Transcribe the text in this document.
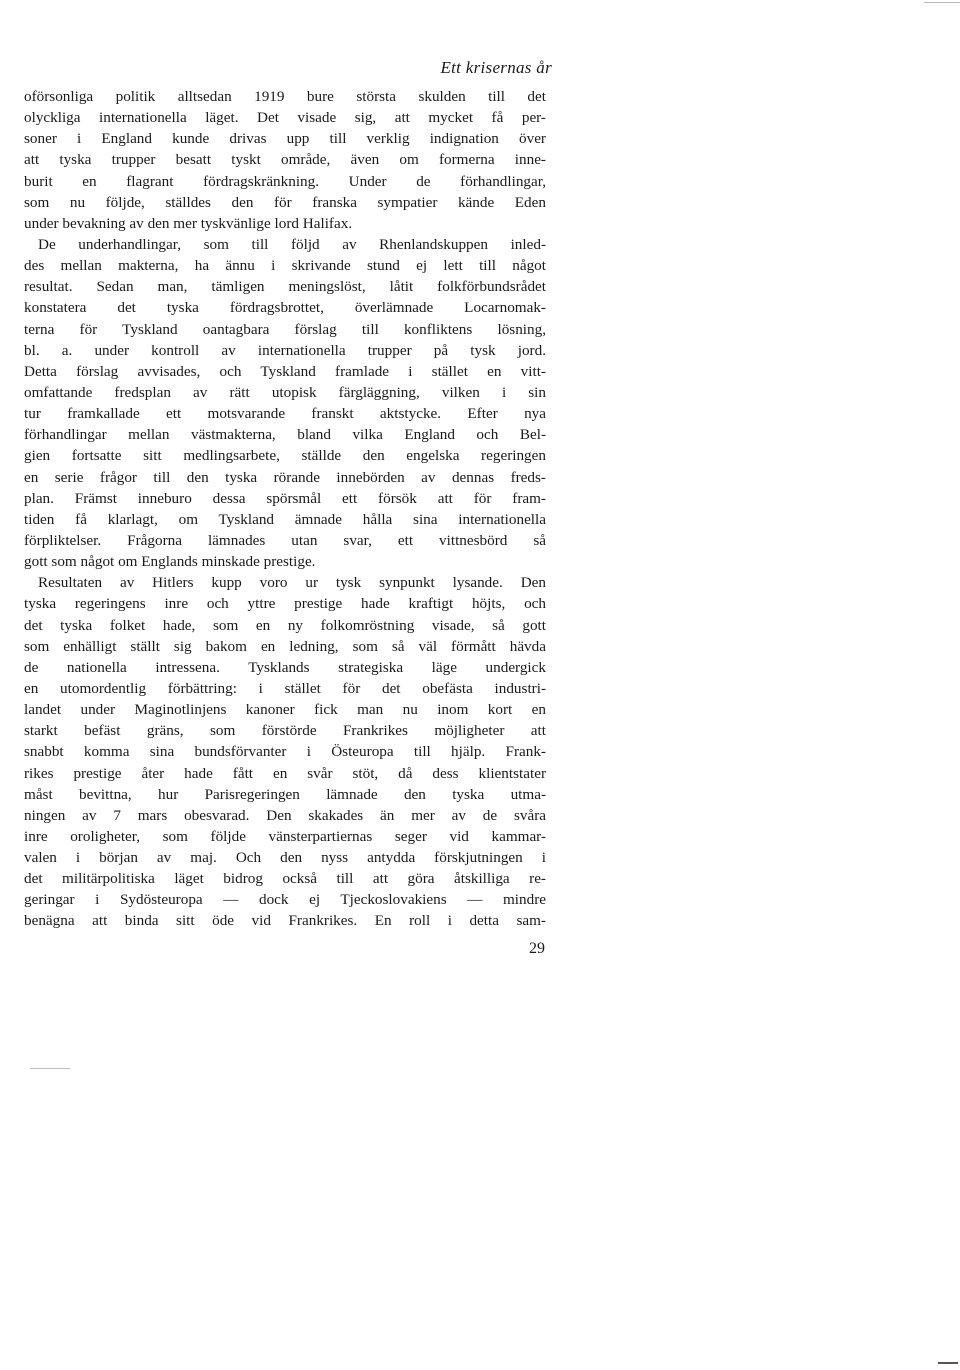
Ett krisernas år
oförsonliga politik alltsedan 1919 bure största skulden till det
olyckliga internationella läget. Det visade sig, att mycket få per-
soner i England kunde drivas upp till verklig indignation över
att tyska trupper besatt tyskt område, även om formerna inne-
burit en flagrant fördragskränkning. Under de förhandlingar,
som nu följde, ställdes den för franska sympatier kände Eden
under bevakning av den mer tyskvänlige lord Halifax.
De underhandlingar, som till följd av Rhenlandskuppen inled-
des mellan makterna, ha ännu i skrivande stund ej lett till något
resultat. Sedan man, tämligen meningslöst, låtit folkförbundsrådet
konstatera det tyska fördragsbrottet, överlämnade Locarnomak-
terna för Tyskland oantagbara förslag till konfliktens lösning,
bl. a. under kontroll av internationella trupper på tysk jord.
Detta förslag avvisades, och Tyskland framlade i stället en vitt-
omfattande fredsplan av rätt utopisk färgläggning, vilken i sin
tur framkallade ett motsvarande franskt aktstycke. Efter nya
förhandlingar mellan västmakterna, bland vilka England och Bel-
gien fortsatte sitt medlingsarbete, ställde den engelska regeringen
en serie frågor till den tyska rörande innebörden av dennas freds-
plan. Främst inneburo dessa spörsmål ett försök att för fram-
tiden få klarlagt, om Tyskland ämnade hålla sina internationella
förpliktelser. Frågorna lämnades utan svar, ett vittnesbörd så
gott som något om Englands minskade prestige.
Resultaten av Hitlers kupp voro ur tysk synpunkt lysande. Den
tyska regeringens inre och yttre prestige hade kraftigt höjts, och
det tyska folket hade, som en ny folkomröstning visade, så gott
som enhälligt ställt sig bakom en ledning, som så väl förmått hävda
de nationella intressena. Tysklands strategiska läge undergick
en utomordentlig förbättring: i stället för det obefästa industri-
landet under Maginotlinjens kanoner fick man nu inom kort en
starkt befäst gräns, som förstörde Frankrikes möjligheter att
snabbt komma sina bundsförvanter i Östeuropa till hjälp. Frank-
rikes prestige åter hade fått en svår stöt, då dess klientstater
måst bevittna, hur Parisregeringen lämnade den tyska utma-
ningen av 7 mars obesvarad. Den skakades än mer av de svåra
inre oroligheter, som följde vänsterpartiernas seger vid kammar-
valen i början av maj. Och den nyss antydda förskjutningen i
det militärpolitiska läget bidrog också till att göra åtskilliga re-
geringar i Sydösteuropa — dock ej Tjeckoslovakiens — mindre
benägna att binda sitt öde vid Frankrikes. En roll i detta sam-
29
